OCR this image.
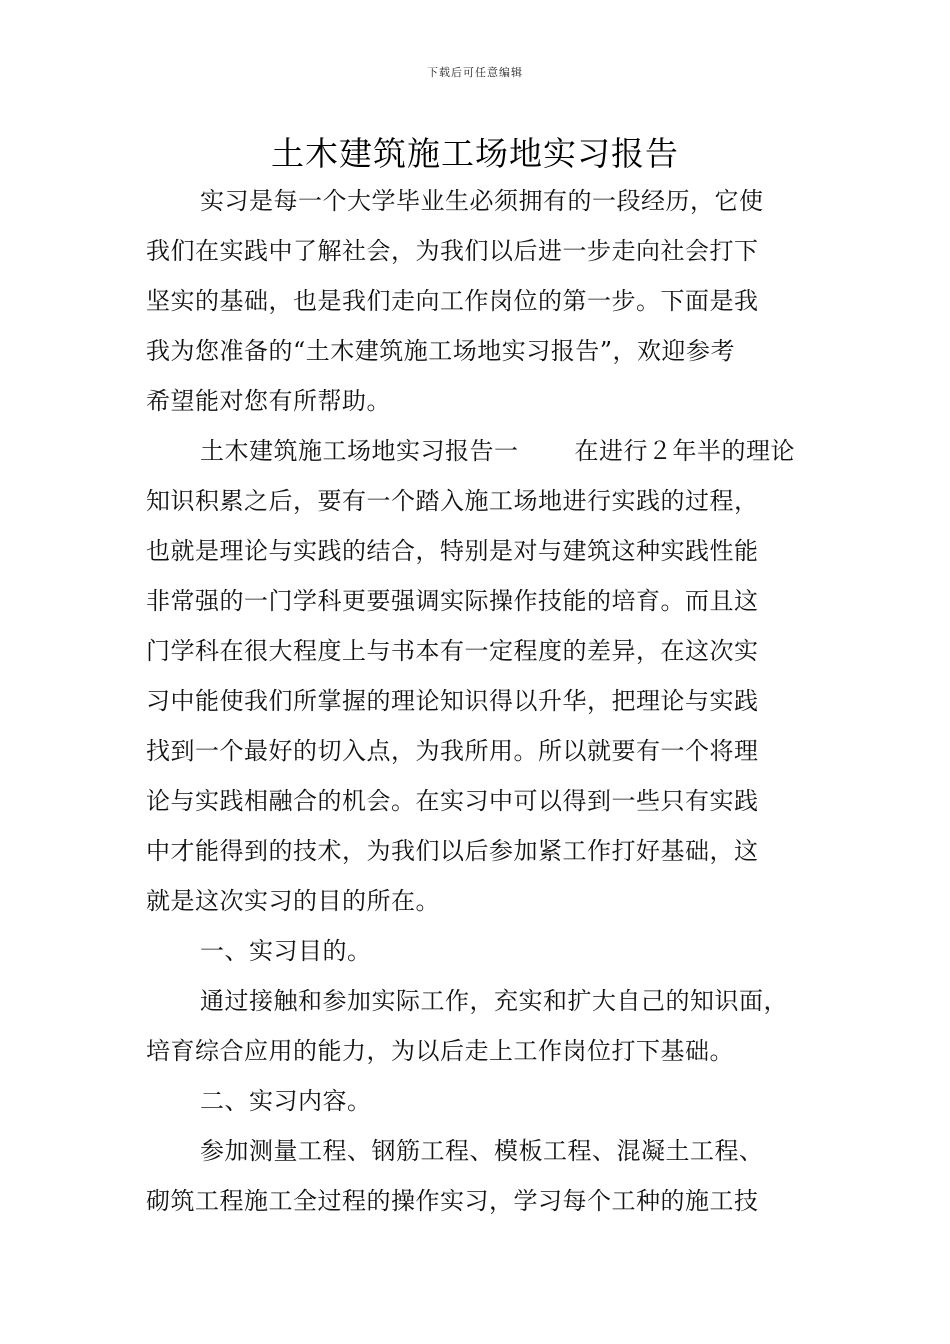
下载后可任意编辑
土木建筑施工场地实习报告
实习是每一个大学毕业生必须拥有的一段经历，它使
我们在实践中了解社会，为我们以后进一步走向社会打下
坚实的基础，也是我们走向工作岗位的第一步。下面是我
我为您准备的“土木建筑施工场地实习报告”，欢迎参考
希望能对您有所帮助。
土木建筑施工场地实习报告一 在进行２年半的理论
知识积累之后，要有一个踏入施工场地进行实践的过程，
也就是理论与实践的结合，特别是对与建筑这种实践性能
非常强的一门学科更要强调实际操作技能的培育。而且这
门学科在很大程度上与书本有一定程度的差异，在这次实
习中能使我们所掌握的理论知识得以升华，把理论与实践
找到一个最好的切入点，为我所用。所以就要有一个将理
论与实践相融合的机会。在实习中可以得到一些只有实践
中才能得到的技术，为我们以后参加紧工作打好基础，这
就是这次实习的目的所在。
一、实习目的。
通过接触和参加实际工作，充实和扩大自己的知识面，
培育综合应用的能力，为以后走上工作岗位打下基础。
二、实习内容。
参加测量工程、钢筋工程、模板工程、混凝土工程、
砌筑工程施工全过程的操作实习，学习每个工种的施工技
